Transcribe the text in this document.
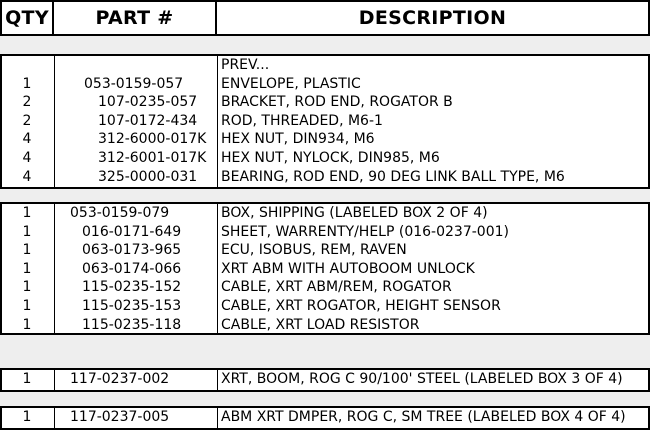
QTY	PART #	DESCRIPTION
PREV...
1	053-0159-057	ENVELOPE, PLASTIC
2	107-0235-057 BRACKET, ROD END, ROGATOR B
2	107-0172-434 ROD, THREADED, M6-1
4	312-6000-017K HEX NUT, DIN934, M6
4	312-6001-017K HEX NUT, NYLOCK, DIN985, M6
4	325-0000-031 BEARING, ROD END, 90 DEG LINK BALL TYPE, M6
1	053-0159-079	BOX, SHIPPING (LABELED BOX 2 OF 4)
1	016-0171-649	SHEET, WARRENTY/HELP (016-0237-001)
1	063-0173-965	ECU, ISOBUS, REM, RAVEN
1	063-0174-066	XRT ABM WITH AUTOBOOM UNLOCK
1	115-0235-152	CABLE, XRT ABM/REM, ROGATOR
1	115-0235-153	CABLE, XRT ROGATOR, HEIGHT SENSOR
1	115-0235-118	CABLE, XRT LOAD RESISTOR
1	117-0237-002	XRT, BOOM, ROG C 90/100' STEEL (LABELED BOX 3 OF 4)
1	117-0237-005	ABM XRT DMPER, ROG C, SM TREE (LABELED BOX 4 OF 4)
